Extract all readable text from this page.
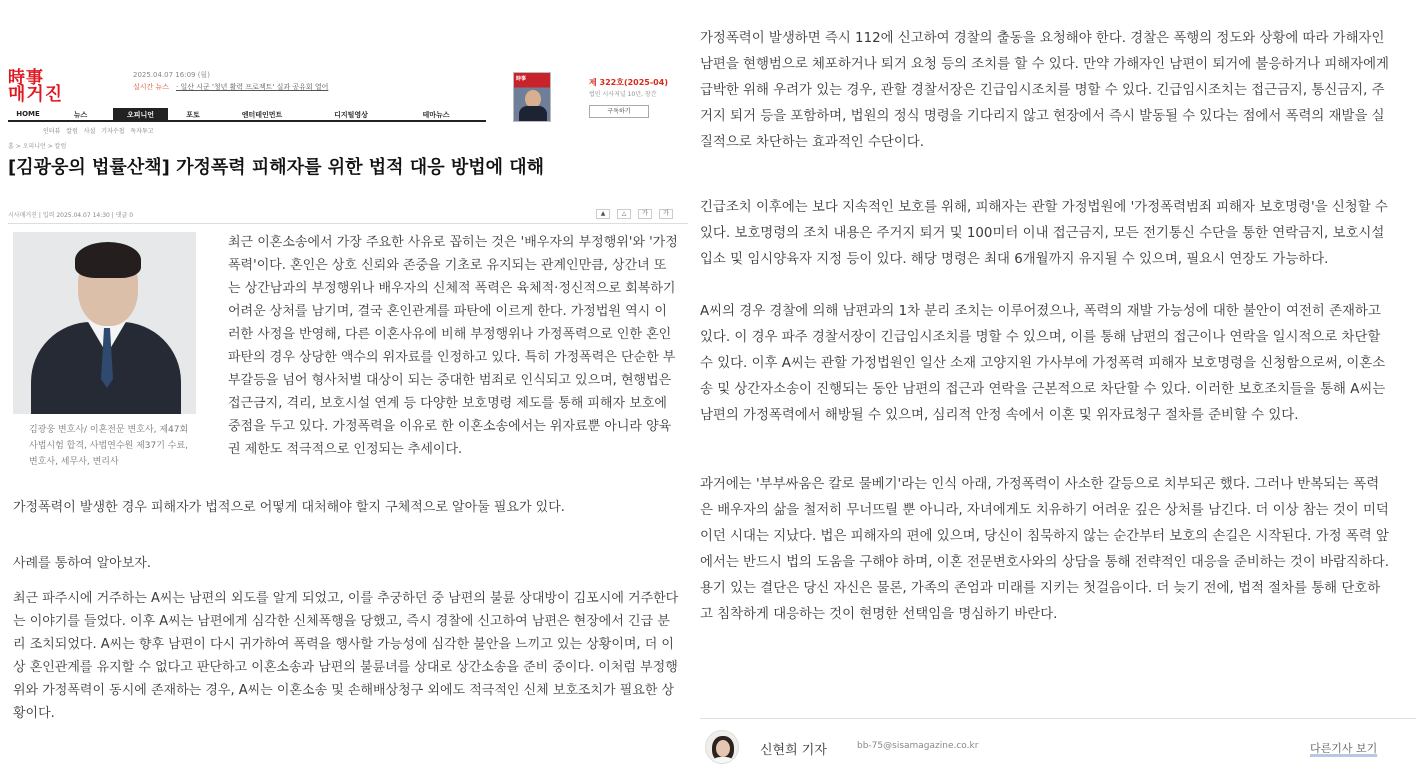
時事
매거진
2025.04.07 16:09 (월)
실시간 뉴스 · 일산 시군 '청년 활력 프로젝트' 실과 공유회 열어
時事	제 322호(2025-04)
법인 시사저널 10년, 창간
구독하기
HOME	뉴스	오피니언	포토	엔터테인먼트	디지털영상	테마뉴스
인터뷰 칼럼 사설 기자수첩 독자투고
홈 > 오피니언 > 칼럼
[김광웅의 법률산책] 가정폭력 피해자를 위한 법적 대응 방법에 대해
시사매거진 | 입력 2025.04.07 14:30 | 댓글 0	▲	△	가	가
김광웅 변호사/ 이혼전문 변호사, 제47회 사법시험 합격, 사법연수원 제37기 수료, 변호사, 세무사, 변리사

최근 이혼소송에서 가장 주요한 사유로 꼽히는 것은 '배우자의 부정행위'와 '가정폭력'이다. 혼인은 상호 신뢰와 존중을 기초로 유지되는 관계인만큼, 상간녀 또는 상간남과의 부정행위나 배우자의 신체적 폭력은 육체적·정신적으로 회복하기 어려운 상처를 남기며, 결국 혼인관계를 파탄에 이르게 한다. 가정법원 역시 이러한 사정을 반영해, 다른 이혼사유에 비해 부정행위나 가정폭력으로 인한 혼인파탄의 경우 상당한 액수의 위자료를 인정하고 있다. 특히 가정폭력은 단순한 부부갈등을 넘어 형사처벌 대상이 되는 중대한 범죄로 인식되고 있으며, 현행법은 접근금지, 격리, 보호시설 연계 등 다양한 보호명령 제도를 통해 피해자 보호에 중점을 두고 있다. 가정폭력을 이유로 한 이혼소송에서는 위자료뿐 아니라 양육권 제한도 적극적으로 인정되는 추세이다.

가정폭력이 발생한 경우 피해자가 법적으로 어떻게 대처해야 할지 구체적으로 알아둘 필요가 있다.

사례를 통하여 알아보자.

최근 파주시에 거주하는 A씨는 남편의 외도를 알게 되었고, 이를 추궁하던 중 남편의 불륜 상대방이 김포시에 거주한다는 이야기를 들었다. 이후 A씨는 남편에게 심각한 신체폭행을 당했고, 즉시 경찰에 신고하여 남편은 현장에서 긴급 분리 조치되었다. A씨는 향후 남편이 다시 귀가하여 폭력을 행사할 가능성에 심각한 불안을 느끼고 있는 상황이며, 더 이상 혼인관계를 유지할 수 없다고 판단하고 이혼소송과 남편의 불륜녀를 상대로 상간소송을 준비 중이다. 이처럼 부정행위와 가정폭력이 동시에 존재하는 경우, A씨는 이혼소송 및 손해배상청구 외에도 적극적인 신체 보호조치가 필요한 상황이다.

가정폭력이 발생하면 즉시 112에 신고하여 경찰의 출동을 요청해야 한다. 경찰은 폭행의 정도와 상황에 따라 가해자인 남편을 현행범으로 체포하거나 퇴거 요청 등의 조치를 할 수 있다. 만약 가해자인 남편이 퇴거에 불응하거나 피해자에게 급박한 위해 우려가 있는 경우, 관할 경찰서장은 긴급임시조치를 명할 수 있다. 긴급임시조치는 접근금지, 통신금지, 주거지 퇴거 등을 포함하며, 법원의 정식 명령을 기다리지 않고 현장에서 즉시 발동될 수 있다는 점에서 폭력의 재발을 실질적으로 차단하는 효과적인 수단이다.

긴급조치 이후에는 보다 지속적인 보호를 위해, 피해자는 관할 가정법원에 '가정폭력범죄 피해자 보호명령'을 신청할 수 있다. 보호명령의 조치 내용은 주거지 퇴거 및 100미터 이내 접근금지, 모든 전기통신 수단을 통한 연락금지, 보호시설 입소 및 임시양육자 지정 등이 있다. 해당 명령은 최대 6개월까지 유지될 수 있으며, 필요시 연장도 가능하다.

A씨의 경우 경찰에 의해 남편과의 1차 분리 조치는 이루어졌으나, 폭력의 재발 가능성에 대한 불안이 여전히 존재하고 있다. 이 경우 파주 경찰서장이 긴급임시조치를 명할 수 있으며, 이를 통해 남편의 접근이나 연락을 일시적으로 차단할 수 있다. 이후 A씨는 관할 가정법원인 일산 소재 고양지원 가사부에 가정폭력 피해자 보호명령을 신청함으로써, 이혼소송 및 상간자소송이 진행되는 동안 남편의 접근과 연락을 근본적으로 차단할 수 있다. 이러한 보호조치들을 통해 A씨는 남편의 가정폭력에서 해방될 수 있으며, 심리적 안정 속에서 이혼 및 위자료청구 절차를 준비할 수 있다.

과거에는 '부부싸움은 칼로 물베기'라는 인식 아래, 가정폭력이 사소한 갈등으로 치부되곤 했다. 그러나 반복되는 폭력은 배우자의 삶을 철저히 무너뜨릴 뿐 아니라, 자녀에게도 치유하기 어려운 깊은 상처를 남긴다. 더 이상 참는 것이 미덕이던 시대는 지났다. 법은 피해자의 편에 있으며, 당신이 침묵하지 않는 순간부터 보호의 손길은 시작된다. 가정 폭력 앞에서는 반드시 법의 도움을 구해야 하며, 이혼 전문변호사와의 상담을 통해 전략적인 대응을 준비하는 것이 바람직하다. 용기 있는 결단은 당신 자신은 물론, 가족의 존엄과 미래를 지키는 첫걸음이다. 더 늦기 전에, 법적 절차를 통해 단호하고 침착하게 대응하는 것이 현명한 선택임을 명심하기 바란다.

신현희 기자	bb-75@sisamagazine.co.kr	다른기사 보기
